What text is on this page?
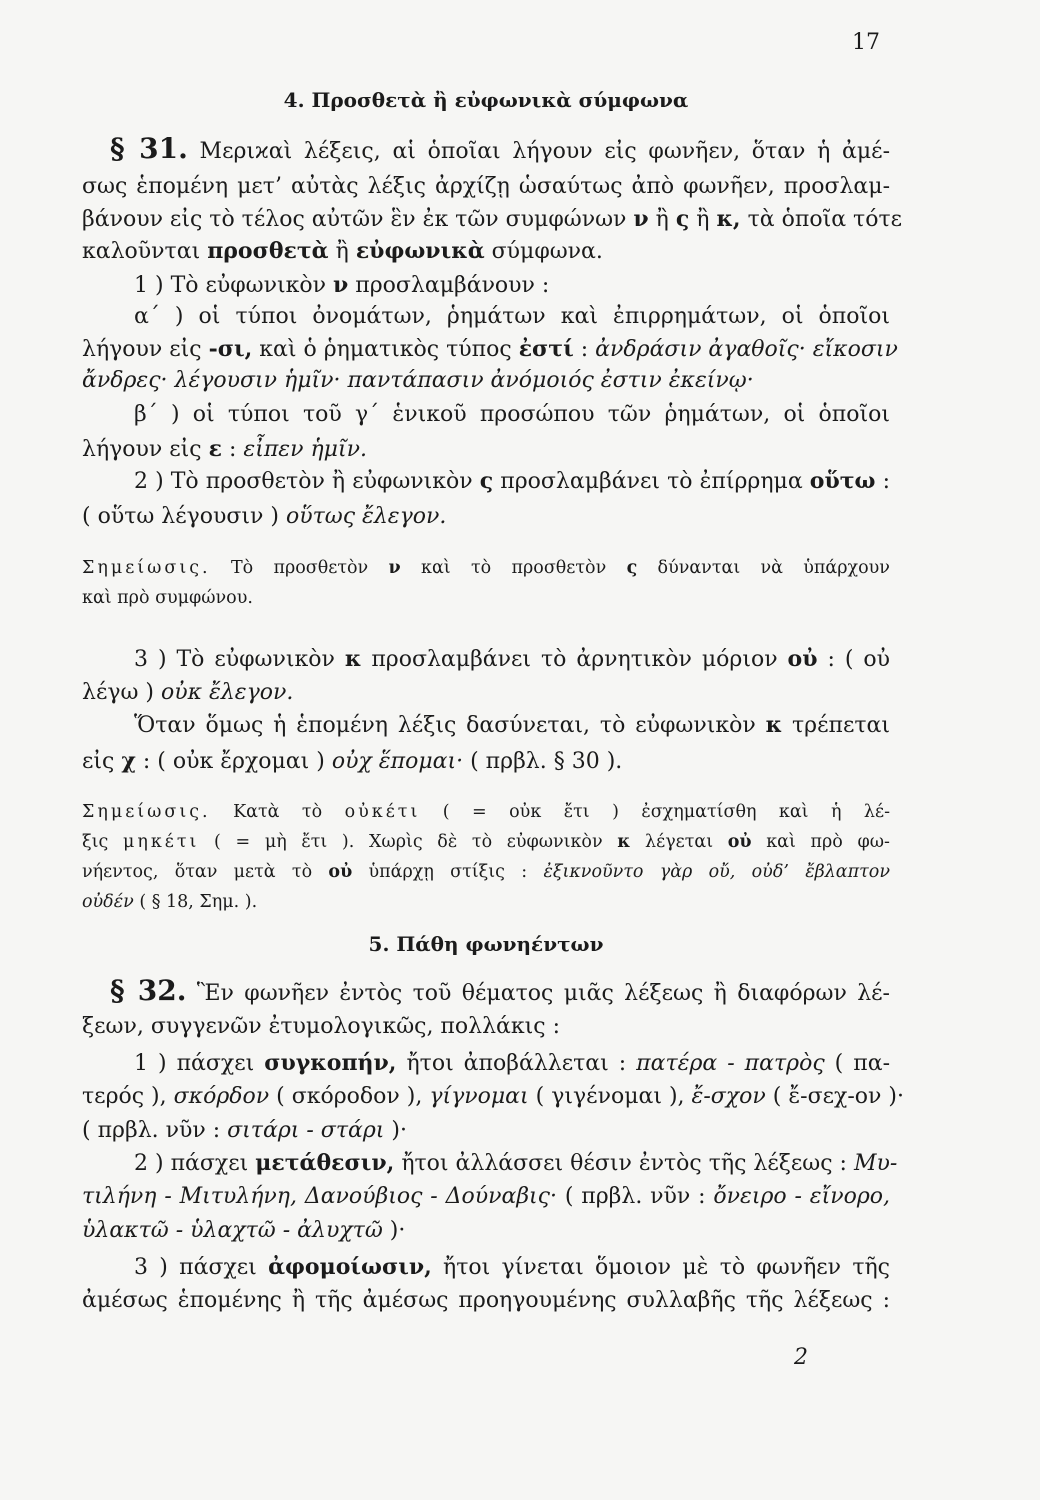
17
4. Προσθετὰ ἢ εὐφωνικὰ σύμφωνα
§ 31. Μεριϰαὶ λέξεις, αἱ ὁποῖαι λήγουν εἰς φωνῆεν, ὅταν ἡ ἀμέ-
σως ἑπομένη μετ’ αὐτὰς λέξις ἀρχίζῃ ὡσαύτως ἀπὸ φωνῆεν, προσλαμ-
βάνουν εἰς τὸ τέλος αὐτῶν ἓν ἐκ τῶν συμφώνων ν ἢ ς ἢ κ, τὰ ὁποῖα τότε
καλοῦνται προσθετὰ ἢ εὐφωνικὰ σύμφωνα.
1 ) Τὸ εὐφωνικὸν ν προσλαμβάνουν :
α΄ ) οἱ τύποι ὀνομάτων, ῥημάτων καὶ ἐπιρρημάτων, οἱ ὁποῖοι
λήγουν εἰς -σι, καὶ ὁ ῥηματικὸς τύπος ἐστί : ἀνδράσιν ἀγαθοῖς· εἴκοσιν
ἄνδρες· λέγουσιν ἡμῖν· παντάπασιν ἀνόμοιός ἐστιν ἐκείνῳ·
β΄ ) οἱ τύποι τοῦ γ΄ ἑνικοῦ προσώπου τῶν ῥημάτων, οἱ ὁποῖοι
λήγουν εἰς ε : εἶπεν ἡμῖν.
2 ) Τὸ προσθετὸν ἢ εὐφωνικὸν ς προσλαμβάνει τὸ ἐπίρρημα οὕτω :
( οὕτω λέγουσιν ) οὕτως ἔλεγον.
Σημείωσις. Τὸ προσθετὸν ν καὶ τὸ προσθετὸν ς δύνανται νὰ ὑπάρχουν
καὶ πρὸ συμφώνου.
3 ) Τὸ εὐφωνικὸν κ προσλαμβάνει τὸ ἀρνητικὸν μόριον οὐ : ( οὐ
λέγω ) οὐκ ἔλεγον.
Ὅταν ὅμως ἡ ἑπομένη λέξις δασύνεται, τὸ εὐφωνικὸν κ τρέπεται
εἰς χ : ( οὐκ ἔρχομαι ) οὐχ ἕπομαι· ( πρβλ. § 30 ).
Σημείωσις. Κατὰ τὸ οὐκέτι ( = οὐκ ἔτι ) ἐσχηματίσθη καὶ ἡ λέ-
ξις μηκέτι ( = μὴ ἔτι ). Χωρὶς δὲ τὸ εὐφωνικὸν κ λέγεται οὐ καὶ πρὸ φω-
νήεντος, ὅταν μετὰ τὸ οὐ ὑπάρχῃ στίξις : ἐξικνοῦντο γὰρ οὔ, οὐδ’ ἔβλαπτον
οὐδέν ( § 18, Σημ. ).
5. Πάθη φωνηέντων
§ 32. Ἓν φωνῆεν ἐντὸς τοῦ θέματος μιᾶς λέξεως ἢ διαφόρων λέ-
ξεων, συγγενῶν ἐτυμολογικῶς, πολλάκις :
1 ) πάσχει συγκοπήν, ἤτοι ἀποβάλλεται : πατέρα - πατρὸς ( πα-
τερός ), σκόρδον ( σκόροδον ), γίγνομαι ( γιγένομαι ), ἔ-σχον ( ἔ-σεχ-ον )·
( πρβλ. νῦν : σιτάρι - στάρι )·
2 ) πάσχει μετάθεσιν, ἤτοι ἀλλάσσει θέσιν ἐντὸς τῆς λέξεως : Μυ-
τιλήνη - Μιτυλήνη, Δανούβιος - Δούναβις· ( πρβλ. νῦν : ὄνειρο - εἴνορο,
ὑλακτῶ - ὑλαχτῶ - ἀλυχτῶ )·
3 ) πάσχει ἀφομοίωσιν, ἤτοι γίνεται ὅμοιον μὲ τὸ φωνῆεν τῆς
ἀμέσως ἑπομένης ἢ τῆς ἀμέσως προηγουμένης συλλαβῆς τῆς λέξεως :
2
